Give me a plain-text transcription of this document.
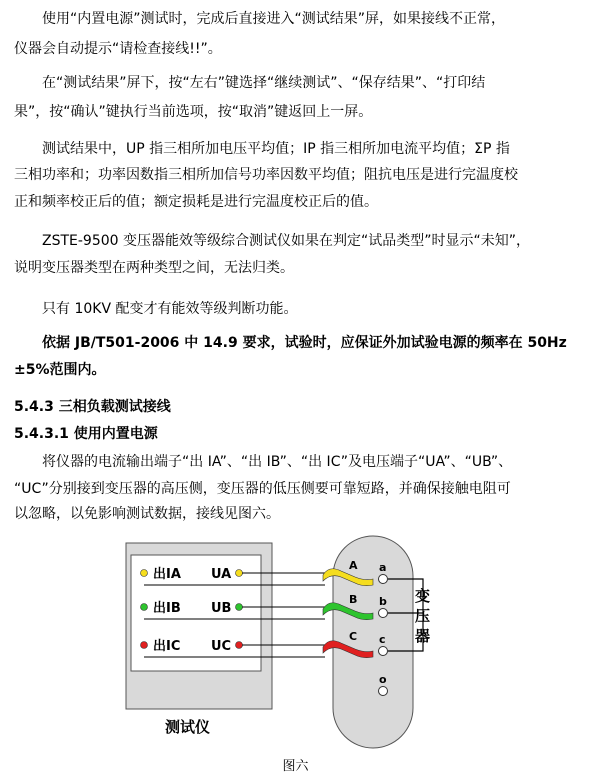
使用“内置电源”测试时，完成后直接进入“测试结果”屏，如果接线不正常，
仪器会自动提示“请检查接线!!”。
在“测试结果”屏下，按“左右”键选择“继续测试”、“保存结果”、“打印结
果”，按“确认”键执行当前选项，按“取消”键返回上一屏。
测试结果中，UP 指三相所加电压平均值；IP 指三相所加电流平均值；ΣP 指
三相功率和；功率因数指三相所加信号功率因数平均值；阻抗电压是进行完温度校
正和频率校正后的值；额定损耗是进行完温度校正后的值。
ZSTE-9500 变压器能效等级综合测试仪如果在判定“试品类型”时显示“未知”，
说明变压器类型在两种类型之间，无法归类。
只有 10KV 配变才有能效等级判断功能。
依据 JB/T501-2006 中 14.9 要求，试验时，应保证外加试验电源的频率在 50Hz
±5%范围内。
5.4.3 三相负载测试接线
5.4.3.1 使用内置电源
将仪器的电流输出端子“出 IA”、“出 IB”、“出 IC”及电压端子“UA”、“UB”、
“UC”分别接到变压器的高压侧，变压器的低压侧要可靠短路，并确保接触电阻可
以忽略，以免影响测试数据，接线见图六。
测试仪
出IA UA
A a
出IB UB
B b
出IC UC
C c
o
变
压
器
图六
